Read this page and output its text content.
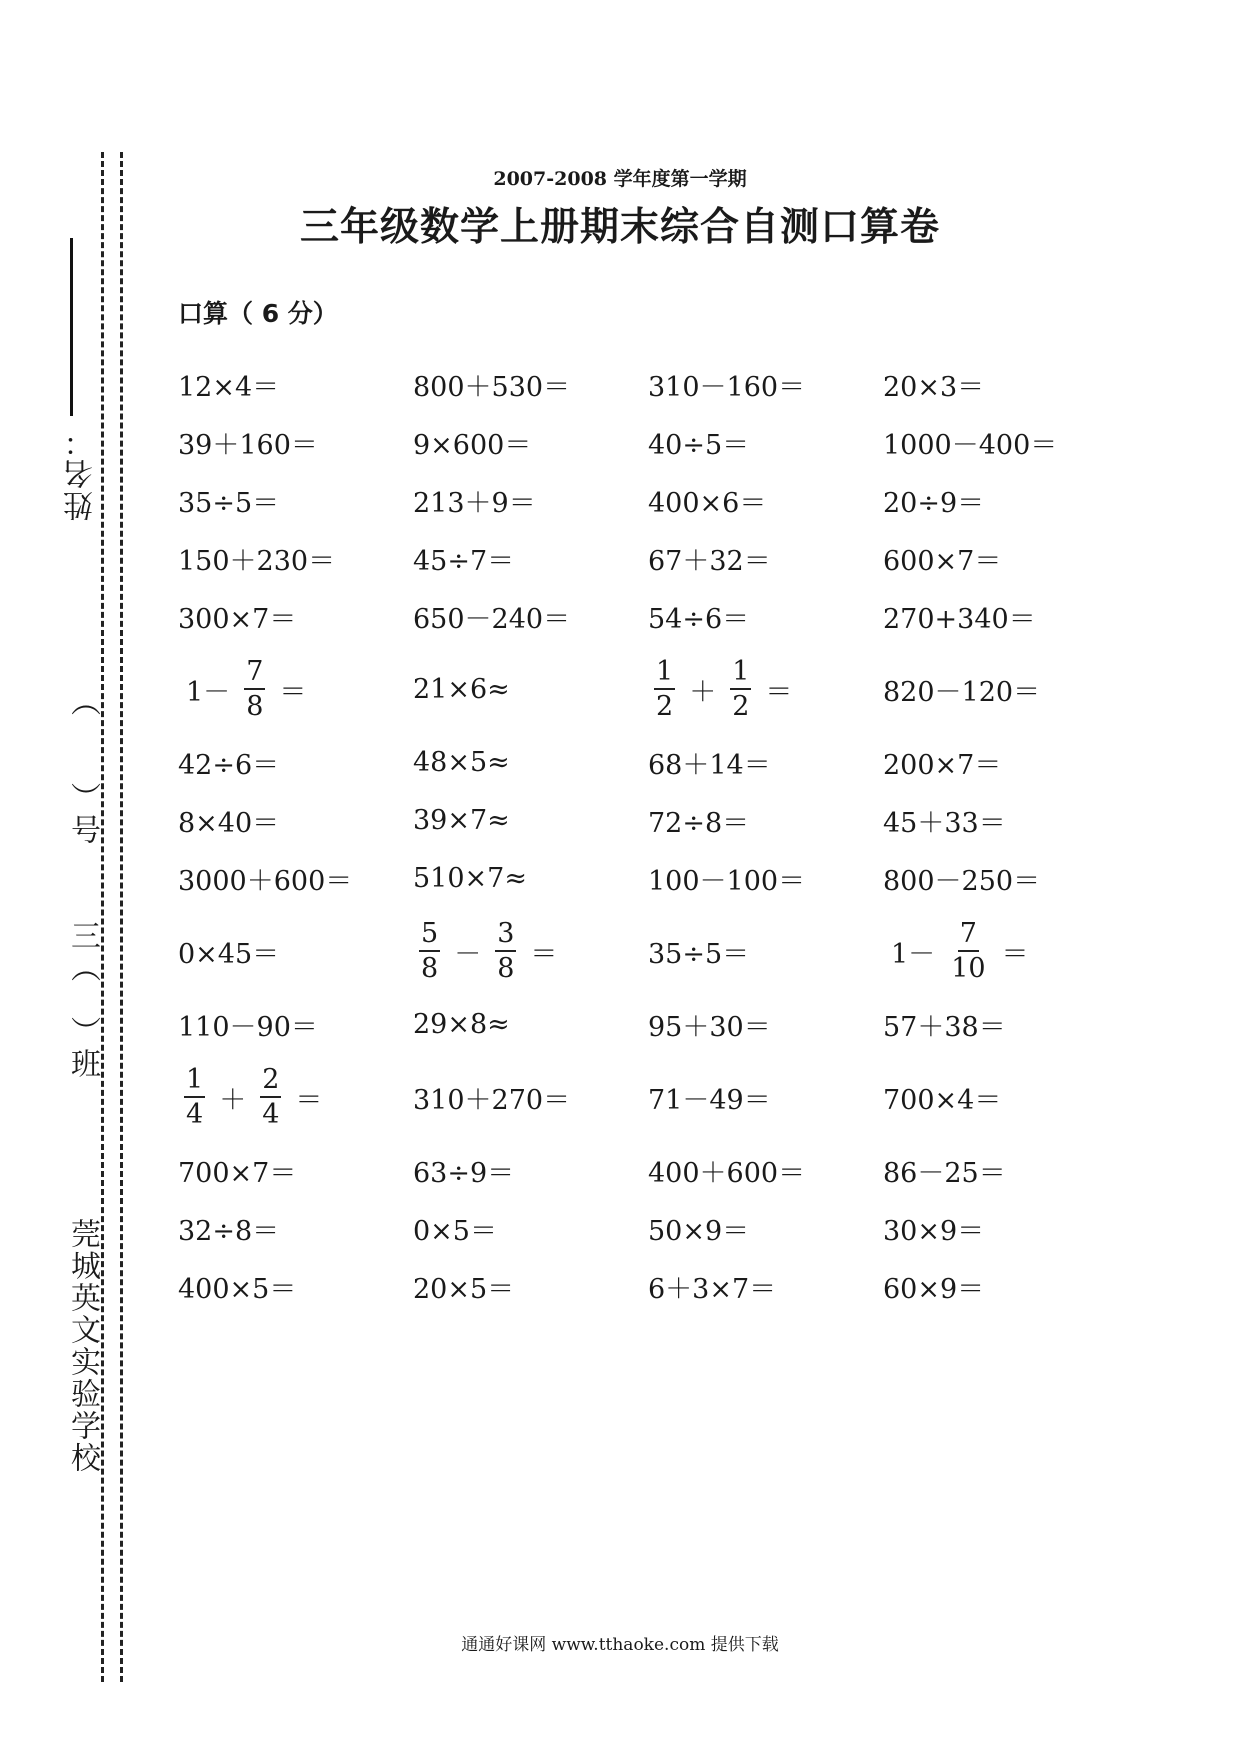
姓名：
（　　）号
三（　）班
莞城英文实验学校
2007-2008 学年度第一学期
三年级数学上册期末综合自测口算卷
口算（ 6 分）
12×4＝	800＋530＝	310－160＝	20×3＝
39＋160＝	9×600＝	40÷5＝	1000－400＝
35÷5＝	213＋9＝	400×6＝	20÷9＝
150＋230＝	45÷7＝	67＋32＝	600×7＝
300×7＝	650－240＝	54÷6＝	270+340＝
$1- \frac{7}{8}$ ＝	21×6≈	$\frac{1}{2} + \frac{1}{2}$ ＝	820－120＝
42÷6＝	48×5≈	68＋14＝	200×7＝
8×40＝	39×7≈	72÷8＝	45＋33＝
3000＋600＝ 510×7≈	100－100＝	800－250＝
0×45＝	$\frac{5}{8} - \frac{3}{8}$ ＝	35÷5＝	$1- \frac{7}{10}$ ＝
110－90＝	29×8≈	95＋30＝	57＋38＝
$\frac{1}{4} + \frac{2}{4}$ ＝	310＋270＝	71－49＝	700×4＝
700×7＝	63÷9＝	400＋600＝	86－25＝
32÷8＝	0×5＝	50×9＝	30×9＝
400×5＝	20×5＝	6＋3×7＝	60×9＝
通通好课网 www.tthaoke.com 提供下载
